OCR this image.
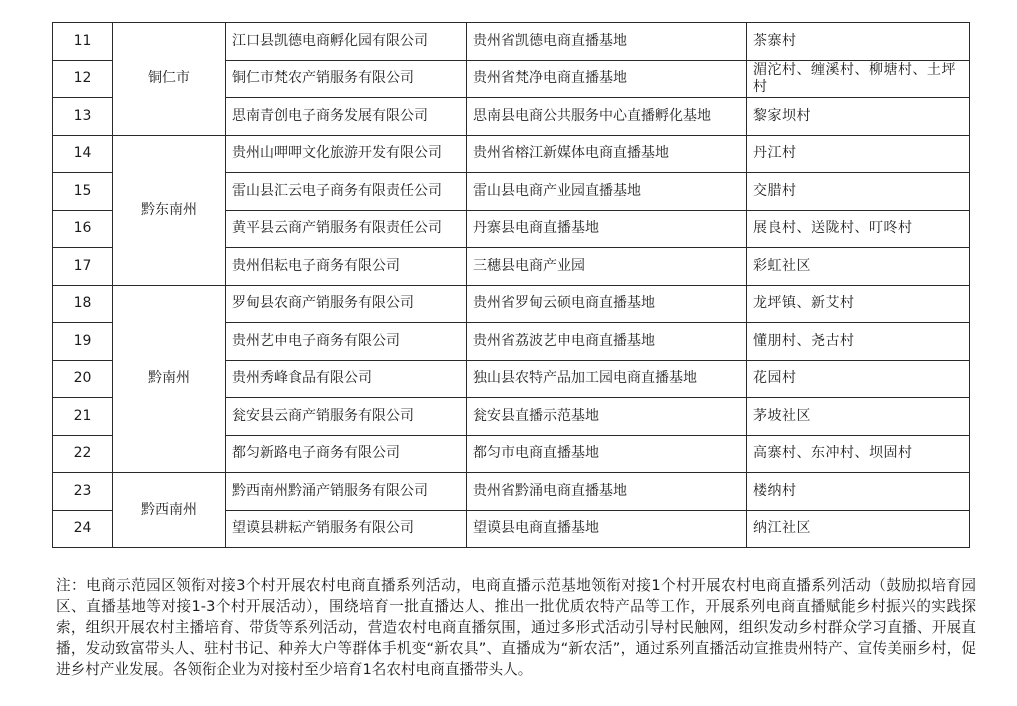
11	铜仁市	江口县凯德电商孵化园有限公司	贵州省凯德电商直播基地	茶寨村
12		铜仁市梵农产销服务有限公司	贵州省梵净电商直播基地	湄沱村、缠溪村、柳塘村、土坪村
13		思南青创电子商务发展有限公司	思南县电商公共服务中心直播孵化基地	黎家坝村
14	黔东南州	贵州山呷呷文化旅游开发有限公司	贵州省榕江新媒体电商直播基地	丹江村
15		雷山县汇云电子商务有限责任公司	雷山县电商产业园直播基地	交腊村
16		黄平县云商产销服务有限责任公司	丹寨县电商直播基地	展良村、送陇村、叮咚村
17		贵州佀耘电子商务有限公司	三穗县电商产业园	彩虹社区
18	黔南州	罗甸县农商产销服务有限公司	贵州省罗甸云硕电商直播基地	龙坪镇、新艾村
19		贵州艺申电子商务有限公司	贵州省荔波艺申电商直播基地	懂朋村、尧古村
20		贵州秀峰食品有限公司	独山县农特产品加工园电商直播基地	花园村
21		瓮安县云商产销服务有限公司	瓮安县直播示范基地	茅坡社区
22		都匀新路电子商务有限公司	都匀市电商直播基地	高寨村、东冲村、坝固村
23	黔西南州	黔西南州黔涌产销服务有限公司	贵州省黔涌电商直播基地	楼纳村
24		望谟县耕耘产销服务有限公司	望谟县电商直播基地	纳江社区

注：电商示范园区领衔对接3个村开展农村电商直播系列活动，电商直播示范基地领衔对接1个村开展农村电商直播系列活动（鼓励拟培育园区、直播基地等对接1-3个村开展活动），围绕培育一批直播达人、推出一批优质农特产品等工作，开展系列电商直播赋能乡村振兴的实践探索，组织开展农村主播培育、带货等系列活动，营造农村电商直播氛围，通过多形式活动引导村民触网，组织发动乡村群众学习直播、开展直播，发动致富带头人、驻村书记、种养大户等群体手机变“新农具”、直播成为“新农活”，通过系列直播活动宣推贵州特产、宣传美丽乡村，促进乡村产业发展。各领衔企业为对接村至少培育1名农村电商直播带头人。
